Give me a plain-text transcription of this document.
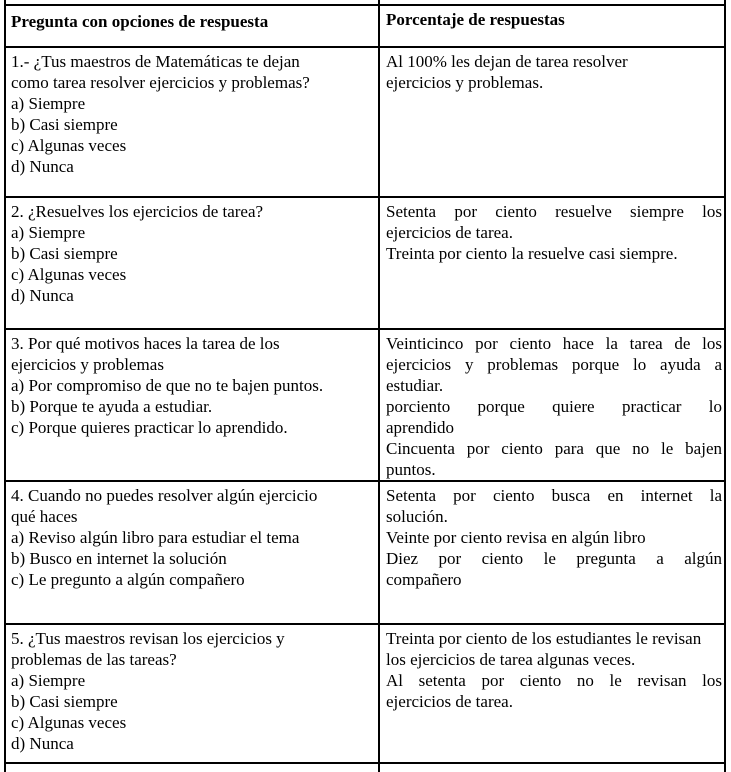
Pregunta con opciones de respuesta	Porcentaje de respuestas
1.- ¿Tus maestros de Matemáticas te dejan
como tarea resolver ejercicios y problemas?
a) Siempre
b) Casi siempre
c) Algunas veces
d) Nunca
Al 100% les dejan de tarea resolver
ejercicios y problemas.
2. ¿Resuelves los ejercicios de tarea?
a) Siempre
b) Casi siempre
c) Algunas veces
d) Nunca
Setenta por ciento resuelve siempre los
ejercicios de tarea.
Treinta por ciento la resuelve casi siempre.
3. Por qué motivos haces la tarea de los
ejercicios y problemas
a) Por compromiso de que no te bajen puntos.
b) Porque te ayuda a estudiar.
c) Porque quieres practicar lo aprendido.
Veinticinco por ciento hace la tarea de los
ejercicios y problemas porque lo ayuda a
estudiar.
porciento porque quiere practicar lo
aprendido
Cincuenta por ciento para que no le bajen
puntos.
4. Cuando no puedes resolver algún ejercicio
qué haces
a) Reviso algún libro para estudiar el tema
b) Busco en internet la solución
c) Le pregunto a algún compañero
Setenta por ciento busca en internet la
solución.
Veinte por ciento revisa en algún libro
Diez por ciento le pregunta a algún
compañero
5. ¿Tus maestros revisan los ejercicios y
problemas de las tareas?
a) Siempre
b) Casi siempre
c) Algunas veces
d) Nunca
Treinta por ciento de los estudiantes le revisan
los ejercicios de tarea algunas veces.
Al setenta por ciento no le revisan los
ejercicios de tarea.
